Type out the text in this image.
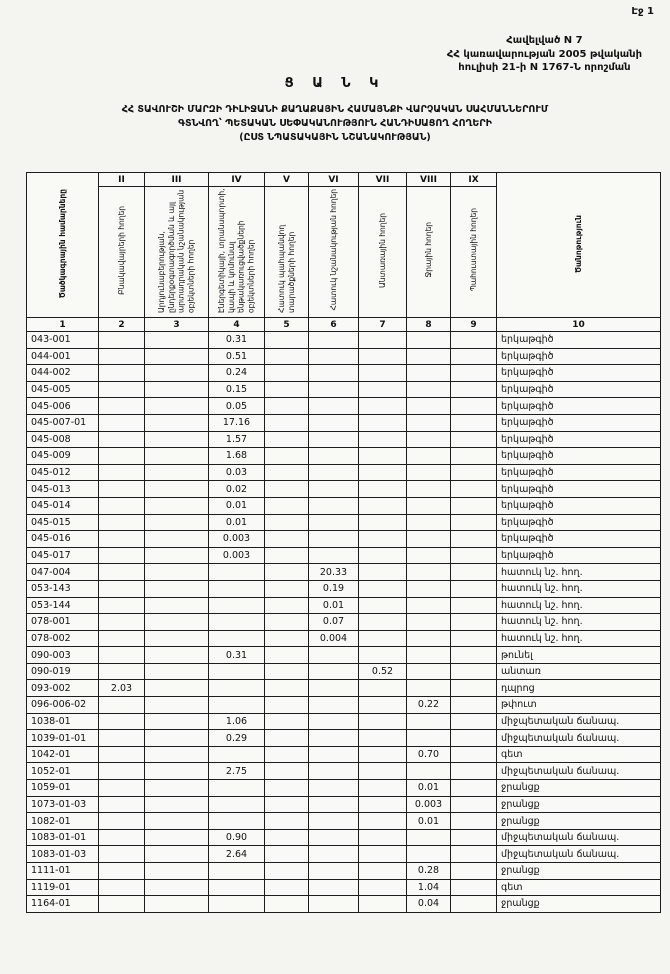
Էջ 1
Հավելված N 7
ՀՀ կառավարության 2005 թվականի
հուլիսի 21-ի N 1767-Ն որոշման
Ց Ա Ն Կ
ՀՀ ՏԱՎՈՒՇԻ ՄԱՐԶԻ ԴԻԼԻՋԱՆԻ ՔԱՂԱՔԱՅԻՆ ՀԱՄԱՅՆՔԻ ՎԱՐՉԱԿԱՆ ՍԱՀՄԱՆՆԵՐՈՒՄ
ԳՏՆՎՈՂ՝ ՊԵՏԱԿԱՆ ՍԵՓԱԿԱՆՈՒԹՅՈՒՆ ՀԱՆԴԻՍԱՑՈՂ ՀՈՂԵՐԻ
(ԸՍՏ ՆՊԱՏԱԿԱՅԻՆ ՆՇԱՆԱԿՈՒԹՅԱՆ)
Ծածկագրային համարները	II	III	IV	V	VI	VII	VIII	IX	Ծանոթություն
	Բնակավայրերի հողեր	Արդյունաբերության, ընդերքօգտագործման և այլ արտադրական նշանակության օբյեկտների հողեր	Էներգետիկայի, տրանսպորտի, կապի և կոմունալ ենթակառուցվածքների օբյեկտների հողեր	Հատուկ պահպանվող տարածքների հողեր	Հատուկ նշանակության հողեր	Անտառային հողեր	Ջրային հողեր	Պահուստային հողեր	
1	2	3	4	5	6	7	8	9	10
043-001			0.31						երկաթգիծ
044-001			0.51						երկաթգիծ
044-002			0.24						երկաթգիծ
045-005			0.15						երկաթգիծ
045-006			0.05						երկաթգիծ
045-007-01			17.16						երկաթգիծ
045-008			1.57						երկաթգիծ
045-009			1.68						երկաթգիծ
045-012			0.03						երկաթգիծ
045-013			0.02						երկաթգիծ
045-014			0.01						երկաթգիծ
045-015			0.01						երկաթգիծ
045-016			0.003						երկաթգիծ
045-017			0.003						երկաթգիծ
047-004					20.33				հատուկ նշ. հող.
053-143					0.19				հատուկ նշ. հող.
053-144					0.01				հատուկ նշ. հող.
078-001					0.07				հատուկ նշ. հող.
078-002					0.004				հատուկ նշ. հող.
090-003			0.31						թունել
090-019						0.52			անտառ
093-002	2.03								դպրոց
096-006-02							0.22		թփուտ
1038-01			1.06						միջպետական ճանապ.
1039-01-01			0.29						միջպետական ճանապ.
1042-01							0.70		գետ
1052-01			2.75						միջպետական ճանապ.
1059-01							0.01		ջրանցք
1073-01-03							0.003		ջրանցք
1082-01							0.01		ջրանցք
1083-01-01			0.90						միջպետական ճանապ.
1083-01-03			2.64						միջպետական ճանապ.
1111-01							0.28		ջրանցք
1119-01							1.04		գետ
1164-01							0.04		ջրանցք
